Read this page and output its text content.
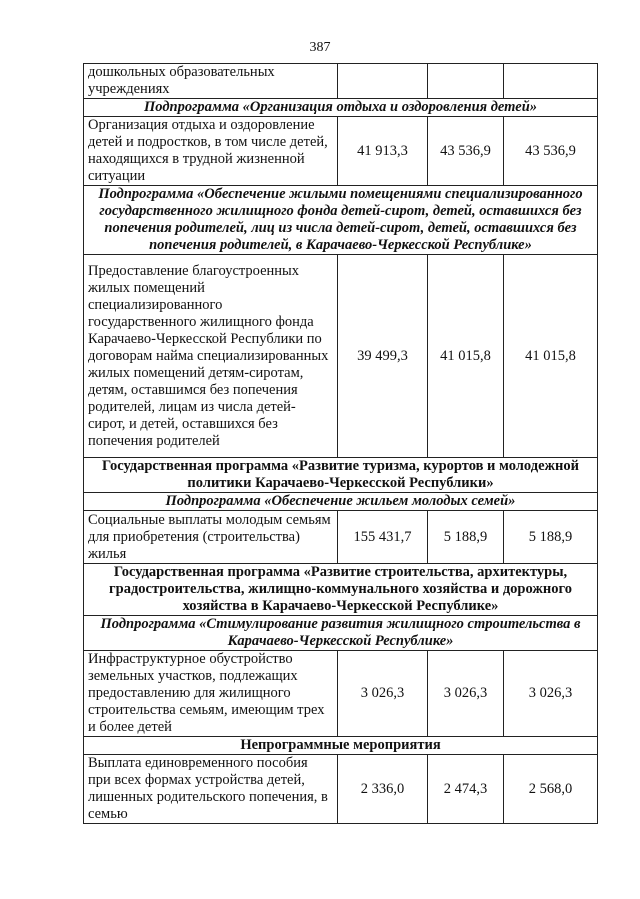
387
дошкольных образовательных учреждениях			
Подпрограмма «Организация отдыха и оздоровления детей»			
Организация отдыха и оздоровление детей и подростков, в том числе детей, находящихся в трудной жизненной ситуации	41 913,3	43 536,9	43 536,9
Подпрограмма «Обеспечение жилыми помещениями специализированного государственного жилищного фонда детей-сирот, детей, оставшихся без попечения родителей, лиц из числа детей-сирот, детей, оставшихся без попечения родителей, в Карачаево-Черкесской Республике»			
Предоставление благоустроенных жилых помещений специализированного государственного жилищного фонда Карачаево-Черкесской Республики по договорам найма специализированных жилых помещений детям-сиротам, детям, оставшимся без попечения родителей, лицам из числа детей-сирот, и детей, оставшихся без попечения родителей	39 499,3	41 015,8	41 015,8
Государственная программа «Развитие туризма, курортов и молодежной политики Карачаево-Черкесской Республики»			
Подпрограмма «Обеспечение жильем молодых семей»			
Социальные выплаты молодым семьям для приобретения (строительства) жилья	155 431,7	5 188,9	5 188,9
Государственная программа «Развитие строительства, архитектуры, градостроительства, жилищно-коммунального хозяйства и дорожного хозяйства в Карачаево-Черкесской Республике»			
Подпрограмма «Стимулирование развития жилищного строительства в Карачаево-Черкесской Республике»			
Инфраструктурное обустройство земельных участков, подлежащих предоставлению для жилищного строительства семьям, имеющим трех и более детей	3 026,3	3 026,3	3 026,3
Непрограммные мероприятия			
Выплата единовременного пособия при всех формах устройства детей, лишенных родительского попечения, в семью	2 336,0	2 474,3	2 568,0
